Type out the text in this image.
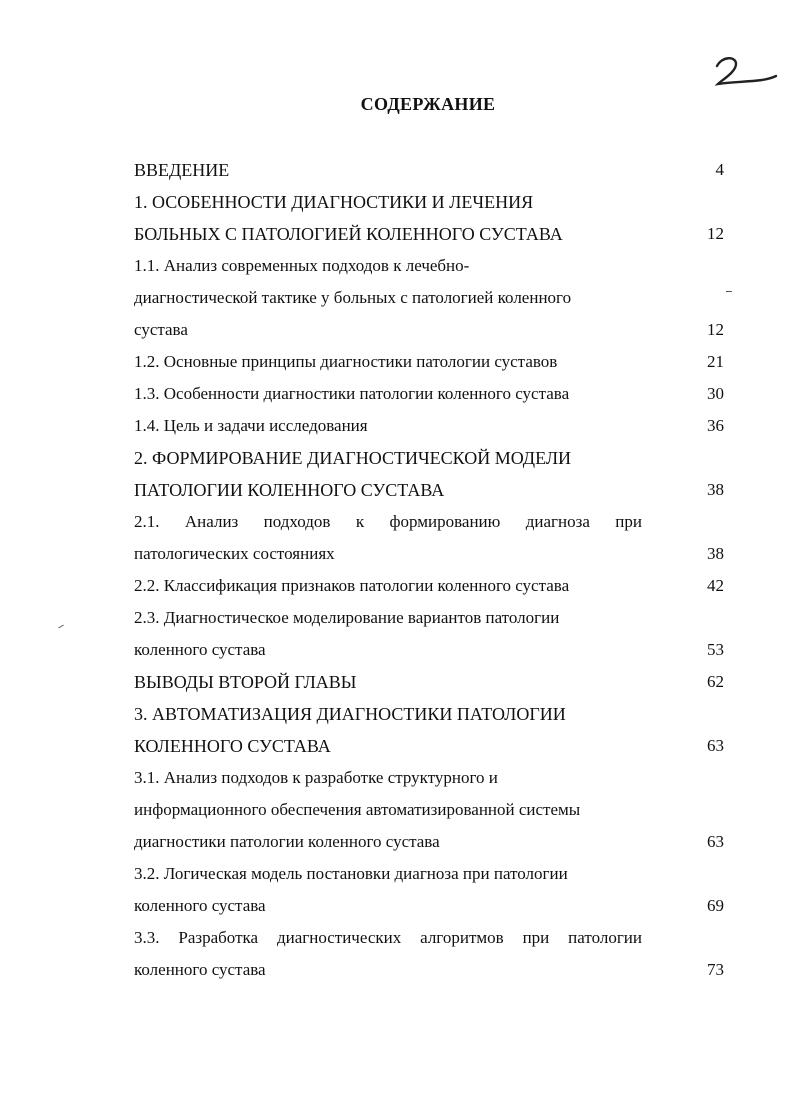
СОДЕРЖАНИЕ
ВВЕДЕНИЕ	4
1. ОСОБЕННОСТИ ДИАГНОСТИКИ И ЛЕЧЕНИЯ
БОЛЬНЫХ С ПАТОЛОГИЕЙ КОЛЕННОГО СУСТАВА	12
1.1. Анализ современных подходов к лечебно-
диагностической тактике у больных с патологией коленного
сустава	12
1.2. Основные принципы диагностики патологии суставов	21
1.3. Особенности диагностики патологии коленного сустава	30
1.4. Цель и задачи исследования	36
2. ФОРМИРОВАНИЕ ДИАГНОСТИЧЕСКОЙ МОДЕЛИ
ПАТОЛОГИИ КОЛЕННОГО СУСТАВА	38
2.1. Анализ подходов к формированию диагноза при
патологических состояниях	38
2.2. Классификация признаков патологии коленного сустава	42
2.3. Диагностическое моделирование вариантов патологии
коленного сустава	53
ВЫВОДЫ ВТОРОЙ ГЛАВЫ	62
3. АВТОМАТИЗАЦИЯ ДИАГНОСТИКИ ПАТОЛОГИИ
КОЛЕННОГО СУСТАВА	63
3.1. Анализ подходов к разработке структурного и
информационного обеспечения автоматизированной системы
диагностики патологии коленного сустава	63
3.2. Логическая модель постановки диагноза при патологии
коленного сустава	69
3.3. Разработка диагностических алгоритмов при патологии
коленного сустава	73
